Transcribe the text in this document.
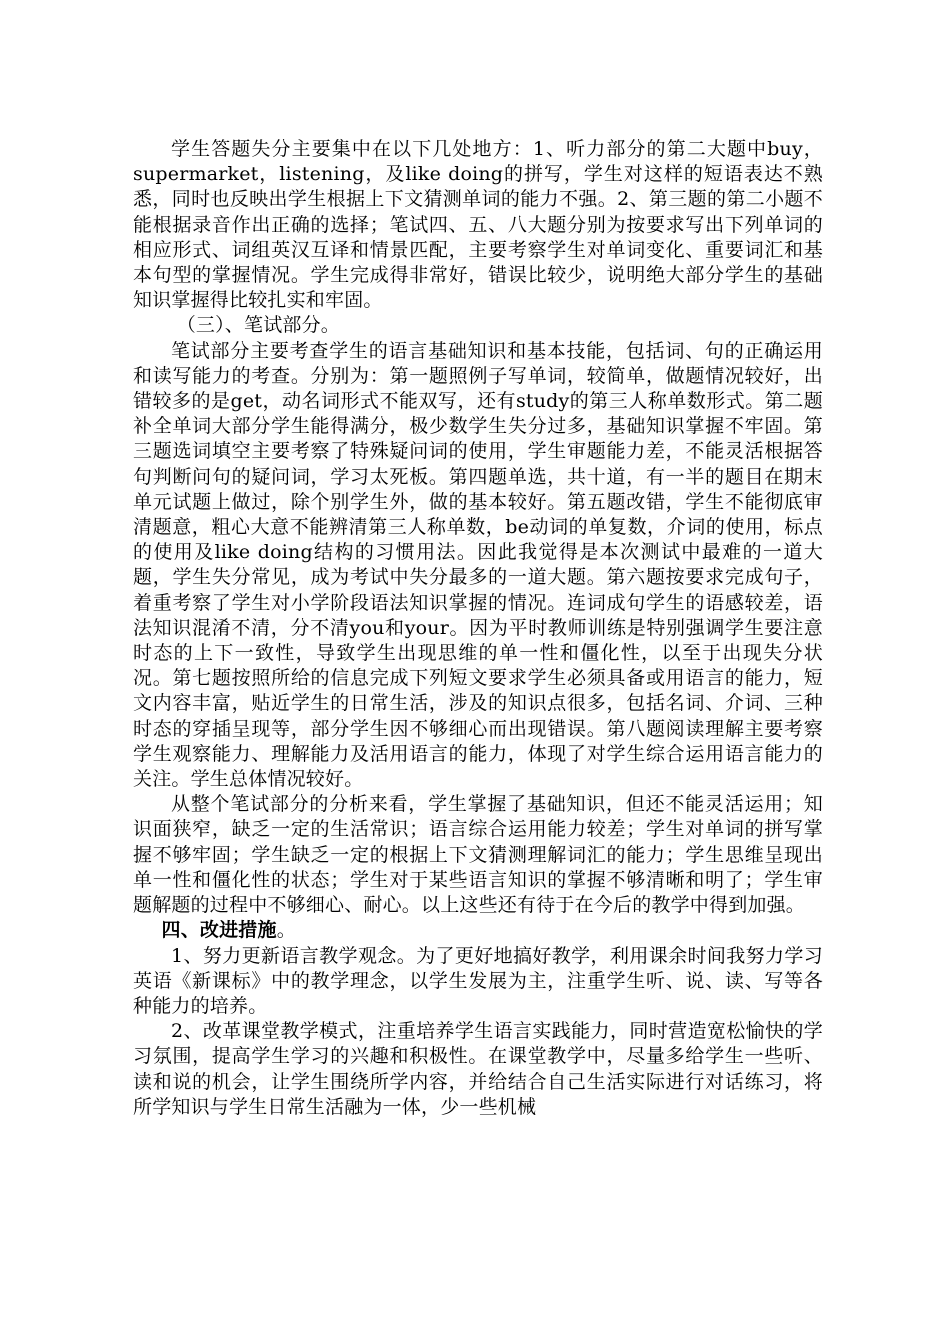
学生答题失分主要集中在以下几处地方：1、听力部分的第二大题中buy，supermarket，listening，及like doing的拼写，学生对这样的短语表达不熟悉，同时也反映出学生根据上下文猜测单词的能力不强。2、第三题的第二小题不能根据录音作出正确的选择；笔试四、五、八大题分别为按要求写出下列单词的相应形式、词组英汉互译和情景匹配，主要考察学生对单词变化、重要词汇和基本句型的掌握情况。学生完成得非常好，错误比较少，说明绝大部分学生的基础知识掌握得比较扎实和牢固。

（三）、笔试部分。

笔试部分主要考查学生的语言基础知识和基本技能，包括词、句的正确运用和读写能力的考查。分别为：第一题照例子写单词，较简单，做题情况较好，出错较多的是get，动名词形式不能双写，还有study的第三人称单数形式。第二题补全单词大部分学生能得满分，极少数学生失分过多，基础知识掌握不牢固。第三题选词填空主要考察了特殊疑问词的使用，学生审题能力差，不能灵活根据答句判断问句的疑问词，学习太死板。第四题单选，共十道，有一半的题目在期末单元试题上做过，除个别学生外，做的基本较好。第五题改错，学生不能彻底审清题意，粗心大意不能辨清第三人称单数，be动词的单复数，介词的使用，标点的使用及like doing结构的习惯用法。因此我觉得是本次测试中最难的一道大题，学生失分常见，成为考试中失分最多的一道大题。第六题按要求完成句子，着重考察了学生对小学阶段语法知识掌握的情况。连词成句学生的语感较差，语法知识混淆不清，分不清you和your。因为平时教师训练是特别强调学生要注意时态的上下一致性，导致学生出现思维的单一性和僵化性，以至于出现失分状况。第七题按照所给的信息完成下列短文要求学生必须具备或用语言的能力，短文内容丰富，贴近学生的日常生活，涉及的知识点很多，包括名词、介词、三种时态的穿插呈现等，部分学生因不够细心而出现错误。第八题阅读理解主要考察学生观察能力、理解能力及活用语言的能力，体现了对学生综合运用语言能力的关注。学生总体情况较好。

从整个笔试部分的分析来看，学生掌握了基础知识，但还不能灵活运用；知识面狭窄，缺乏一定的生活常识；语言综合运用能力较差；学生对单词的拼写掌握不够牢固；学生缺乏一定的根据上下文猜测理解词汇的能力；学生思维呈现出单一性和僵化性的状态；学生对于某些语言知识的掌握不够清晰和明了；学生审题解题的过程中不够细心、耐心。以上这些还有待于在今后的教学中得到加强。

四、改进措施。

1、努力更新语言教学观念。为了更好地搞好教学，利用课余时间我努力学习英语《新课标》中的教学理念，以学生发展为主，注重学生听、说、读、写等各种能力的培养。

2、改革课堂教学模式，注重培养学生语言实践能力，同时营造宽松愉快的学习氛围，提高学生学习的兴趣和积极性。在课堂教学中，尽量多给学生一些听、读和说的机会，让学生围绕所学内容，并给结合自己生活实际进行对话练习，将所学知识与学生日常生活融为一体，少一些机械
